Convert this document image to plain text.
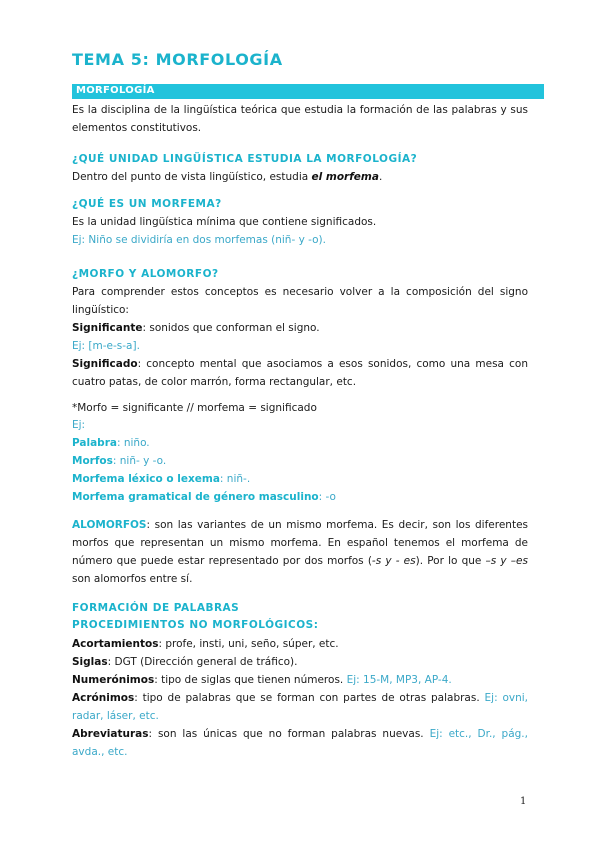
TEMA 5: MORFOLOGÍA
MORFOLOGÍA

Es la disciplina de la lingüística teórica que estudia la formación de las palabras y sus elementos constitutivos.

¿QUÉ UNIDAD LINGÜÍSTICA ESTUDIA LA MORFOLOGÍA?

Dentro del punto de vista lingüístico, estudia el morfema.

¿QUÉ ES UN MORFEMA?

Es la unidad lingüística mínima que contiene significados.

Ej: Niño se dividiría en dos morfemas (niñ- y -o).

¿MORFO Y ALOMORFO?

Para comprender estos conceptos es necesario volver a la composición del signo lingüístico:

Significante: sonidos que conforman el signo.

Ej: [m-e-s-a].

Significado: concepto mental que asociamos a esos sonidos, como una mesa con cuatro patas, de color marrón, forma rectangular, etc.

*Morfo = significante // morfema = significado

Ej:

Palabra: niño.

Morfos: niñ- y -o.

Morfema léxico o lexema: niñ-.

Morfema gramatical de género masculino: -o

ALOMORFOS: son las variantes de un mismo morfema. Es decir, son los diferentes morfos que representan un mismo morfema. En español tenemos el morfema de número que puede estar representado por dos morfos (-s y - es). Por lo que –s y –es son alomorfos entre sí.

FORMACIÓN DE PALABRAS
PROCEDIMIENTOS NO MORFOLÓGICOS:

Acortamientos: profe, insti, uni, seño, súper, etc.

Siglas: DGT (Dirección general de tráfico).

Numerónimos: tipo de siglas que tienen números. Ej: 15-M, MP3, AP-4.

Acrónimos: tipo de palabras que se forman con partes de otras palabras. Ej: ovni, radar, láser, etc.

Abreviaturas: son las únicas que no forman palabras nuevas. Ej: etc., Dr., pág., avda., etc.

1
